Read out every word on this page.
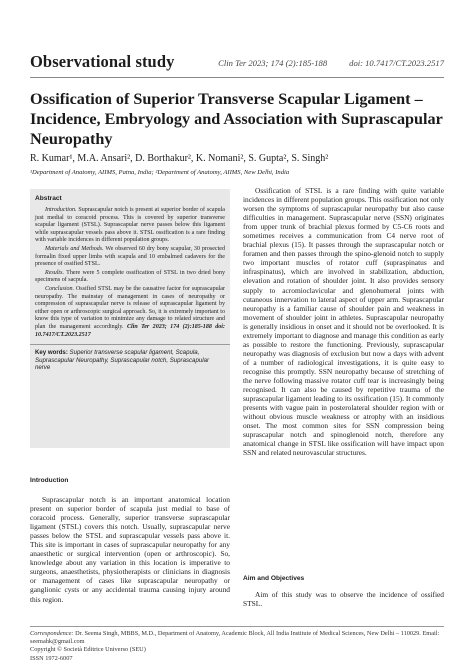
Observational study	Clin Ter 2023; 174 (2):185-188	doi: 10.7417/CT.2023.2517
Ossification of Superior Transverse Scapular Ligament – Incidence, Embryology and Association with Suprascapular Neuropathy
R. Kumar¹, M.A. Ansari², D. Borthakur², K. Nomani², S. Gupta², S. Singh²
¹Department of Anatomy, AIIMS, Patna, India; ²Department of Anatomy, AIIMS, New Delhi, India
Abstract

Introduction. Suprascapular notch is present at superior border of scapula just medial to coracoid process. This is covered by superior transverse scapular ligament (STSL). Suprascapular nerve passes below this ligament while suprascapular vessels pass above it. STSL ossification is a rare finding with variable incidences in different population groups.

Materials and Methods. We observed 60 dry bony scapular, 30 prosected formalin fixed upper limbs with scapula and 10 embalmed cadavers for the presence of ossified STSL.

Results. There were 5 complete ossification of STSL in two dried bony specimens of sacpula.

Conclusion. Ossified STSL may be the causative factor for suprascapular neuropathy. The mainstay of management in cases of neuropathy or compression of suprascapular nerve is release of suprascapular ligament by either open or arthroscopic surgical approach. So, it is extremely important to know this type of variation to minimize any damage to related structure and plan the management accordingly. Clin Ter 2023; 174 (2):185-188 doi: 10.7417/CT.2023.2517

Key words: Superior transverse scapular ligament, Scapula, Suprascapular Neuropathy, Suprascapular notch, Suprascapular nerve
Introduction
Suprascapular notch is an important anatomical location present on superior border of scapula just medial to base of coracoid process. Generally, superior transverse suprascapular ligament (STSL) covers this notch. Usually, suprascapular nerve passes below the STSL and suprascapular vessels pass above it. This site is important in cases of suprascapular neuropathy for any anaesthetic or surgical intervention (open or arthroscopic). So, knowledge about any variation in this location is imperative to surgeons, anaesthetists, physiotherapists or clinicians in diagnosis or management of cases like suprascapular neuropathy or ganglionic cysts or any accidental trauma causing injury around this region.
Ossification of STSL is a rare finding with quite variable incidences in different population groups. This ossification not only worsen the symptoms of suprascapular neuropathy but also cause difficulties in management. Suprascapular nerve (SSN) originates from upper trunk of brachial plexus formed by C5-C6 roots and sometimes receives a communication from C4 nerve root of brachial plexus (15). It passes through the suprascapular notch or foramen and then passes through the spino-glenoid notch to supply two important muscles of rotator cuff (supraspinatus and infraspinatus), which are involved in stabilization, abduction, elevation and rotation of shoulder joint. It also provides sensory supply to acromioclavicular and glenohumeral joints with cutaneous innervation to lateral aspect of upper arm. Suprascapular neuropathy is a familiar cause of shoulder pain and weakness in movement of shoulder joint in athletes. Suprascapular neuropathy is generally insidious in onset and it should not be overlooked. It is extremely important to diagnose and manage this condition as early as possible to restore the functioning. Previously, suprascapular neuropathy was diagnosis of exclusion but now a days with advent of a number of radiological investigations, it is quite easy to recognise this promptly. SSN neuropathy because of stretching of the nerve following massive rotator cuff tear is increasingly being recognised. It can also be caused by repetitive trauma of the suprascapular ligament leading to its ossification (15). It commonly presents with vague pain in posterolateral shoulder region with or without obvious muscle weakness or atrophy with an insidious onset. The most common sites for SSN compression being suprascapular notch and spinoglenoid notch, therefore any anatomical change in STSL like ossification will have impact upon SSN and related neurovascular structures.
Aim and Objectives
Aim of this study was to observe the incidence of ossified STSL.
Correspondence: Dr. Seema Singh, MBBS, M.D., Department of Anatomy, Academic Block, All India Institute of Medical Sciences, New Delhi – 110029. Email: seemahk@gmail.com
Copyright © Società Editrice Universo (SEU)
ISSN 1972-6007
